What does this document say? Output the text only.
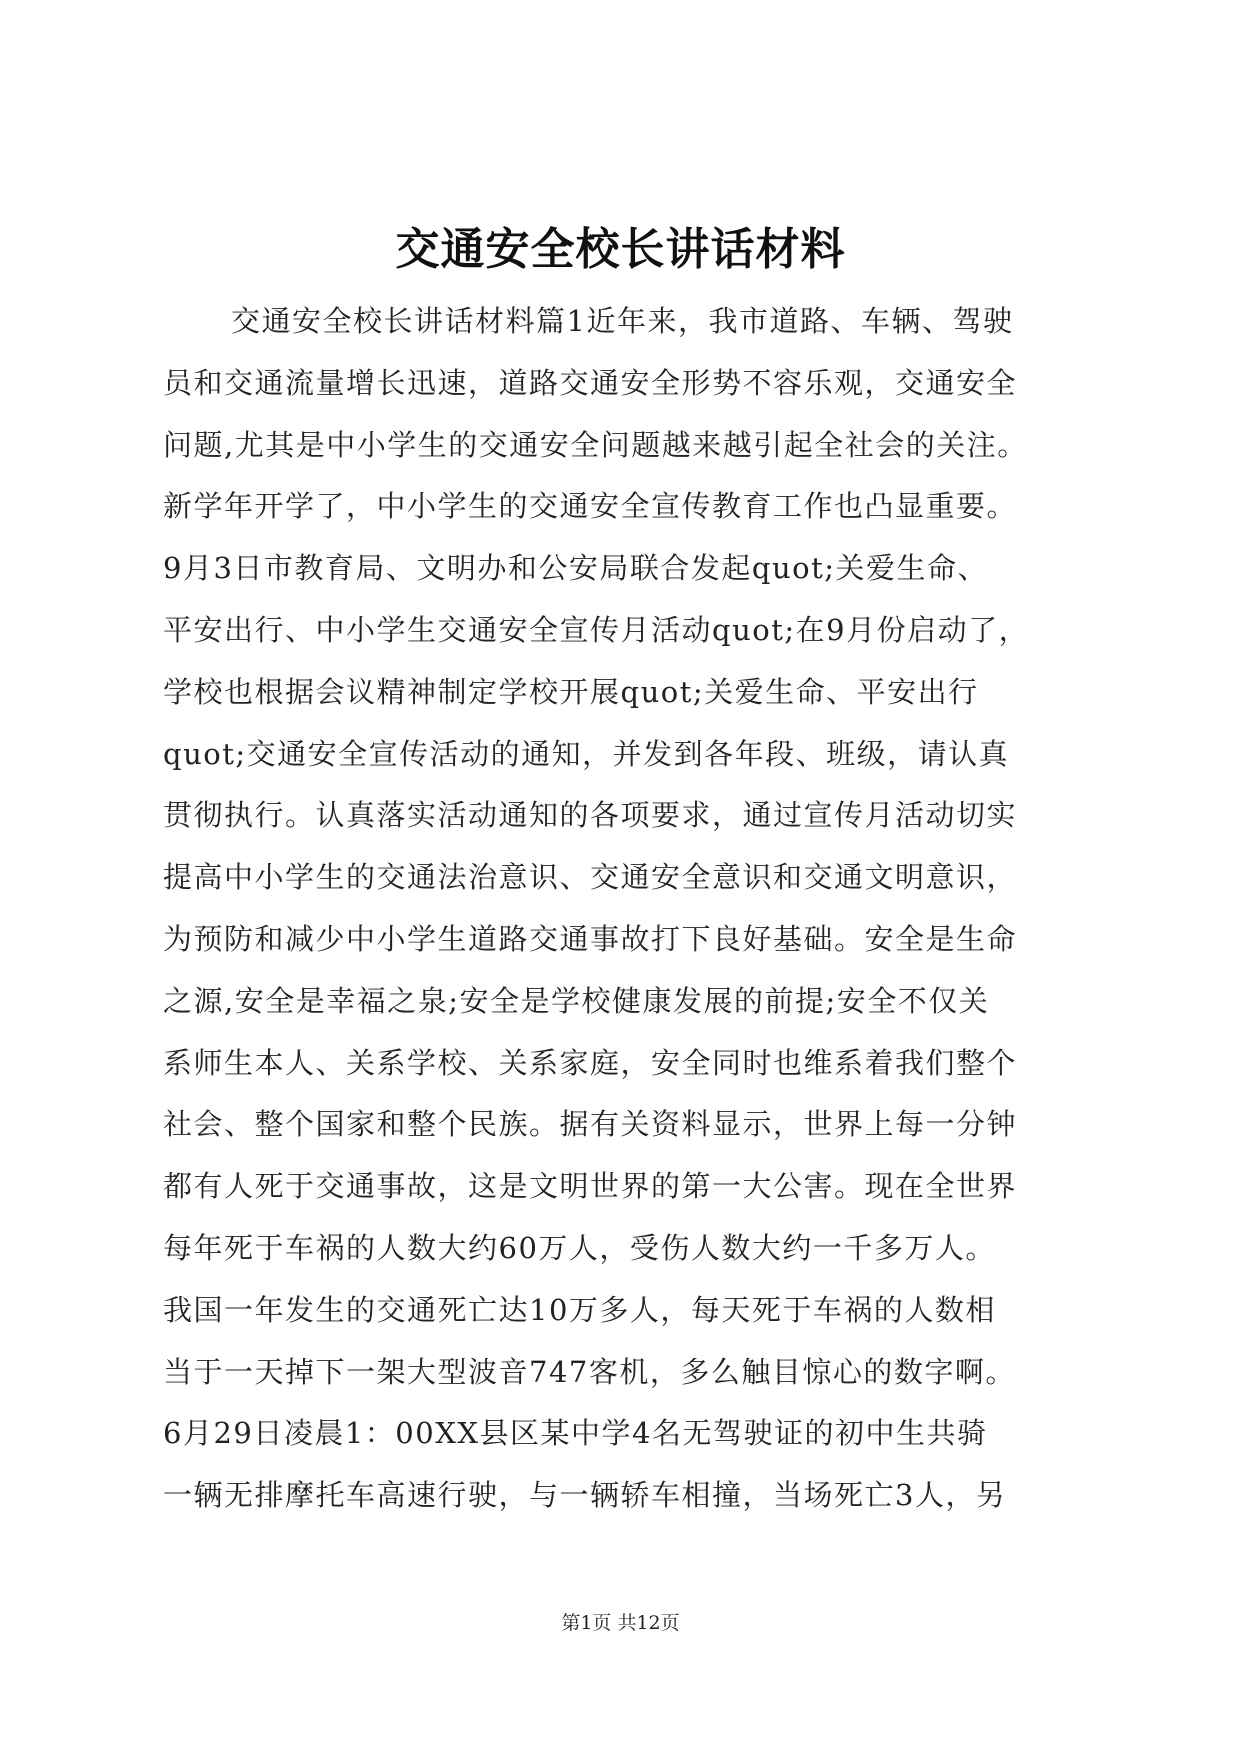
交通安全校长讲话材料
交通安全校长讲话材料篇1近年来，我市道路、车辆、驾驶
员和交通流量增长迅速，道路交通安全形势不容乐观，交通安全
问题,尤其是中小学生的交通安全问题越来越引起全社会的关注。
新学年开学了，中小学生的交通安全宣传教育工作也凸显重要。
9月3日市教育局、文明办和公安局联合发起quot;关爱生命、
平安出行、中小学生交通安全宣传月活动quot;在9月份启动了，
学校也根据会议精神制定学校开展quot;关爱生命、平安出行
quot;交通安全宣传活动的通知，并发到各年段、班级，请认真
贯彻执行。认真落实活动通知的各项要求，通过宣传月活动切实
提高中小学生的交通法治意识、交通安全意识和交通文明意识，
为预防和减少中小学生道路交通事故打下良好基础。安全是生命
之源,安全是幸福之泉;安全是学校健康发展的前提;安全不仅关
系师生本人、关系学校、关系家庭，安全同时也维系着我们整个
社会、整个国家和整个民族。据有关资料显示，世界上每一分钟
都有人死于交通事故，这是文明世界的第一大公害。现在全世界
每年死于车祸的人数大约60万人，受伤人数大约一千多万人。
我国一年发生的交通死亡达10万多人，每天死于车祸的人数相
当于一天掉下一架大型波音747客机，多么触目惊心的数字啊。
6月29日凌晨1：00XX县区某中学4名无驾驶证的初中生共骑
一辆无排摩托车高速行驶，与一辆轿车相撞，当场死亡3人，另
第1页 共12页
